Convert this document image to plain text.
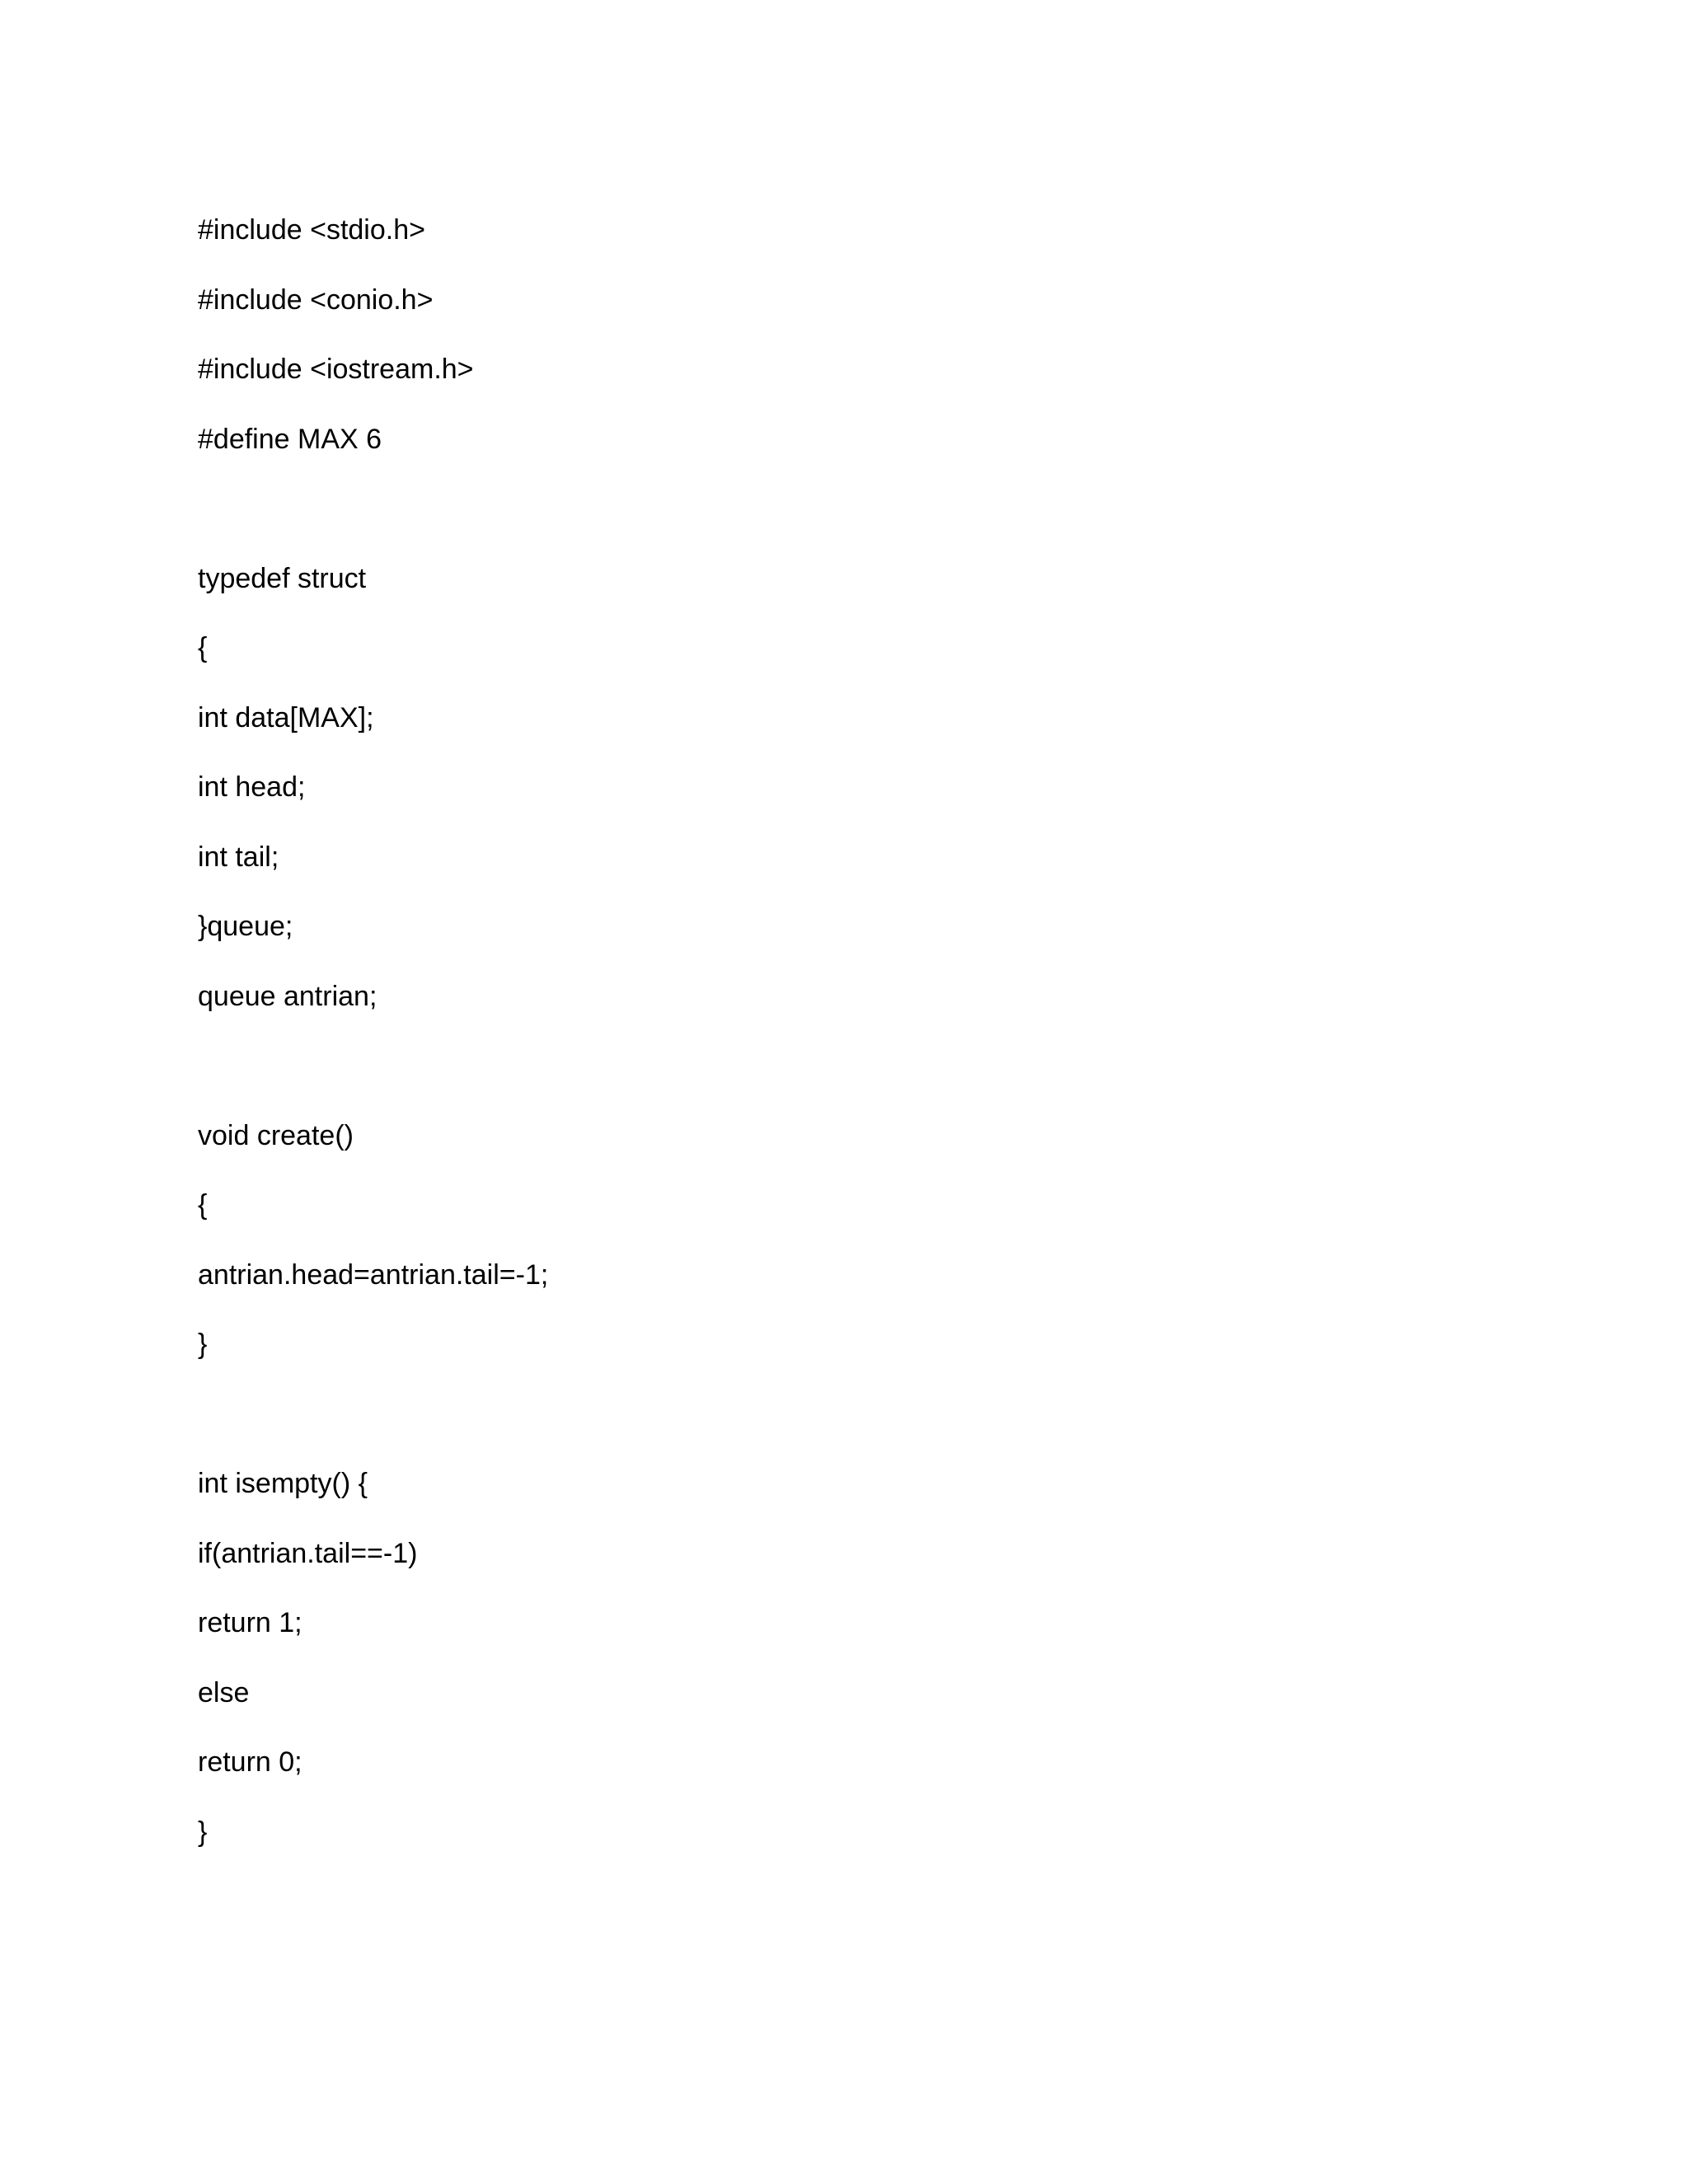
#include <stdio.h>
#include <conio.h>
#include <iostream.h>
#define MAX 6
typedef struct
{
int data[MAX];
int head;
int tail;
}queue;
queue antrian;
void create()
{
antrian.head=antrian.tail=-1;
}
int isempty() {
if(antrian.tail==-1)
return 1;
else
return 0;
}
